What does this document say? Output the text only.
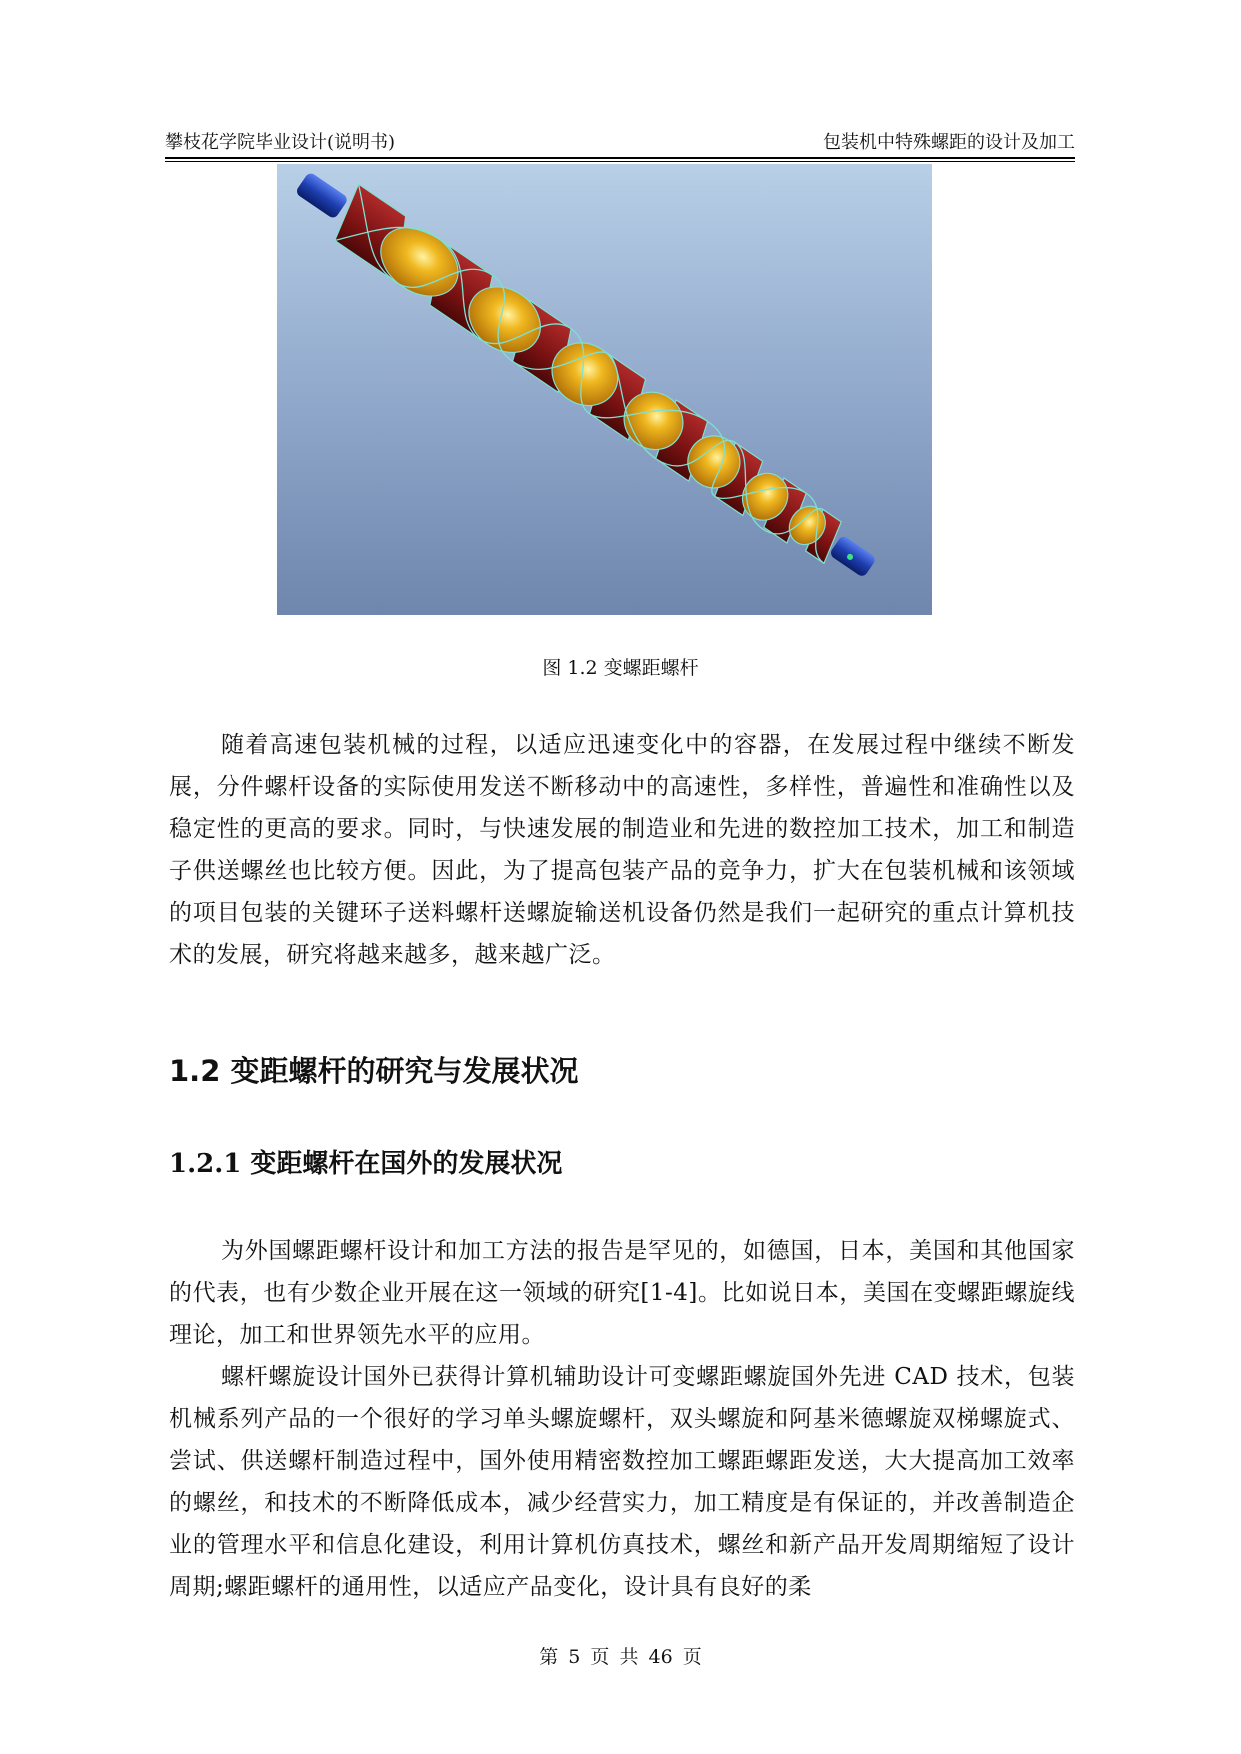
攀枝花学院毕业设计(说明书)	包装机中特殊螺距的设计及加工
图 1.2 变螺距螺杆

随着高速包装机械的过程，以适应迅速变化中的容器，在发展过程中继续不断发展，分件螺杆设备的实际使用发送不断移动中的高速性，多样性，普遍性和准确性以及稳定性的更高的要求。同时，与快速发展的制造业和先进的数控加工技术，加工和制造子供送螺丝也比较方便。因此，为了提高包装产品的竞争力，扩大在包装机械和该领域的项目包装的关键环子送料螺杆送螺旋输送机设备仍然是我们一起研究的重点计算机技术的发展，研究将越来越多，越来越广泛。

1.2 变距螺杆的研究与发展状况
1.2.1 变距螺杆在国外的发展状况

为外国螺距螺杆设计和加工方法的报告是罕见的，如德国，日本，美国和其他国家的代表，也有少数企业开展在这一领域的研究[1-4]。比如说日本，美国在变螺距螺旋线理论，加工和世界领先水平的应用。

螺杆螺旋设计国外已获得计算机辅助设计可变螺距螺旋国外先进 CAD 技术，包装机械系列产品的一个很好的学习单头螺旋螺杆，双头螺旋和阿基米德螺旋双梯螺旋式、尝试、供送螺杆制造过程中，国外使用精密数控加工螺距螺距发送，大大提高加工效率的螺丝，和技术的不断降低成本，减少经营实力，加工精度是有保证的，并改善制造企业的管理水平和信息化建设，利用计算机仿真技术，螺丝和新产品开发周期缩短了设计周期;螺距螺杆的通用性，以适应产品变化，设计具有良好的柔

第 5 页 共 46 页
